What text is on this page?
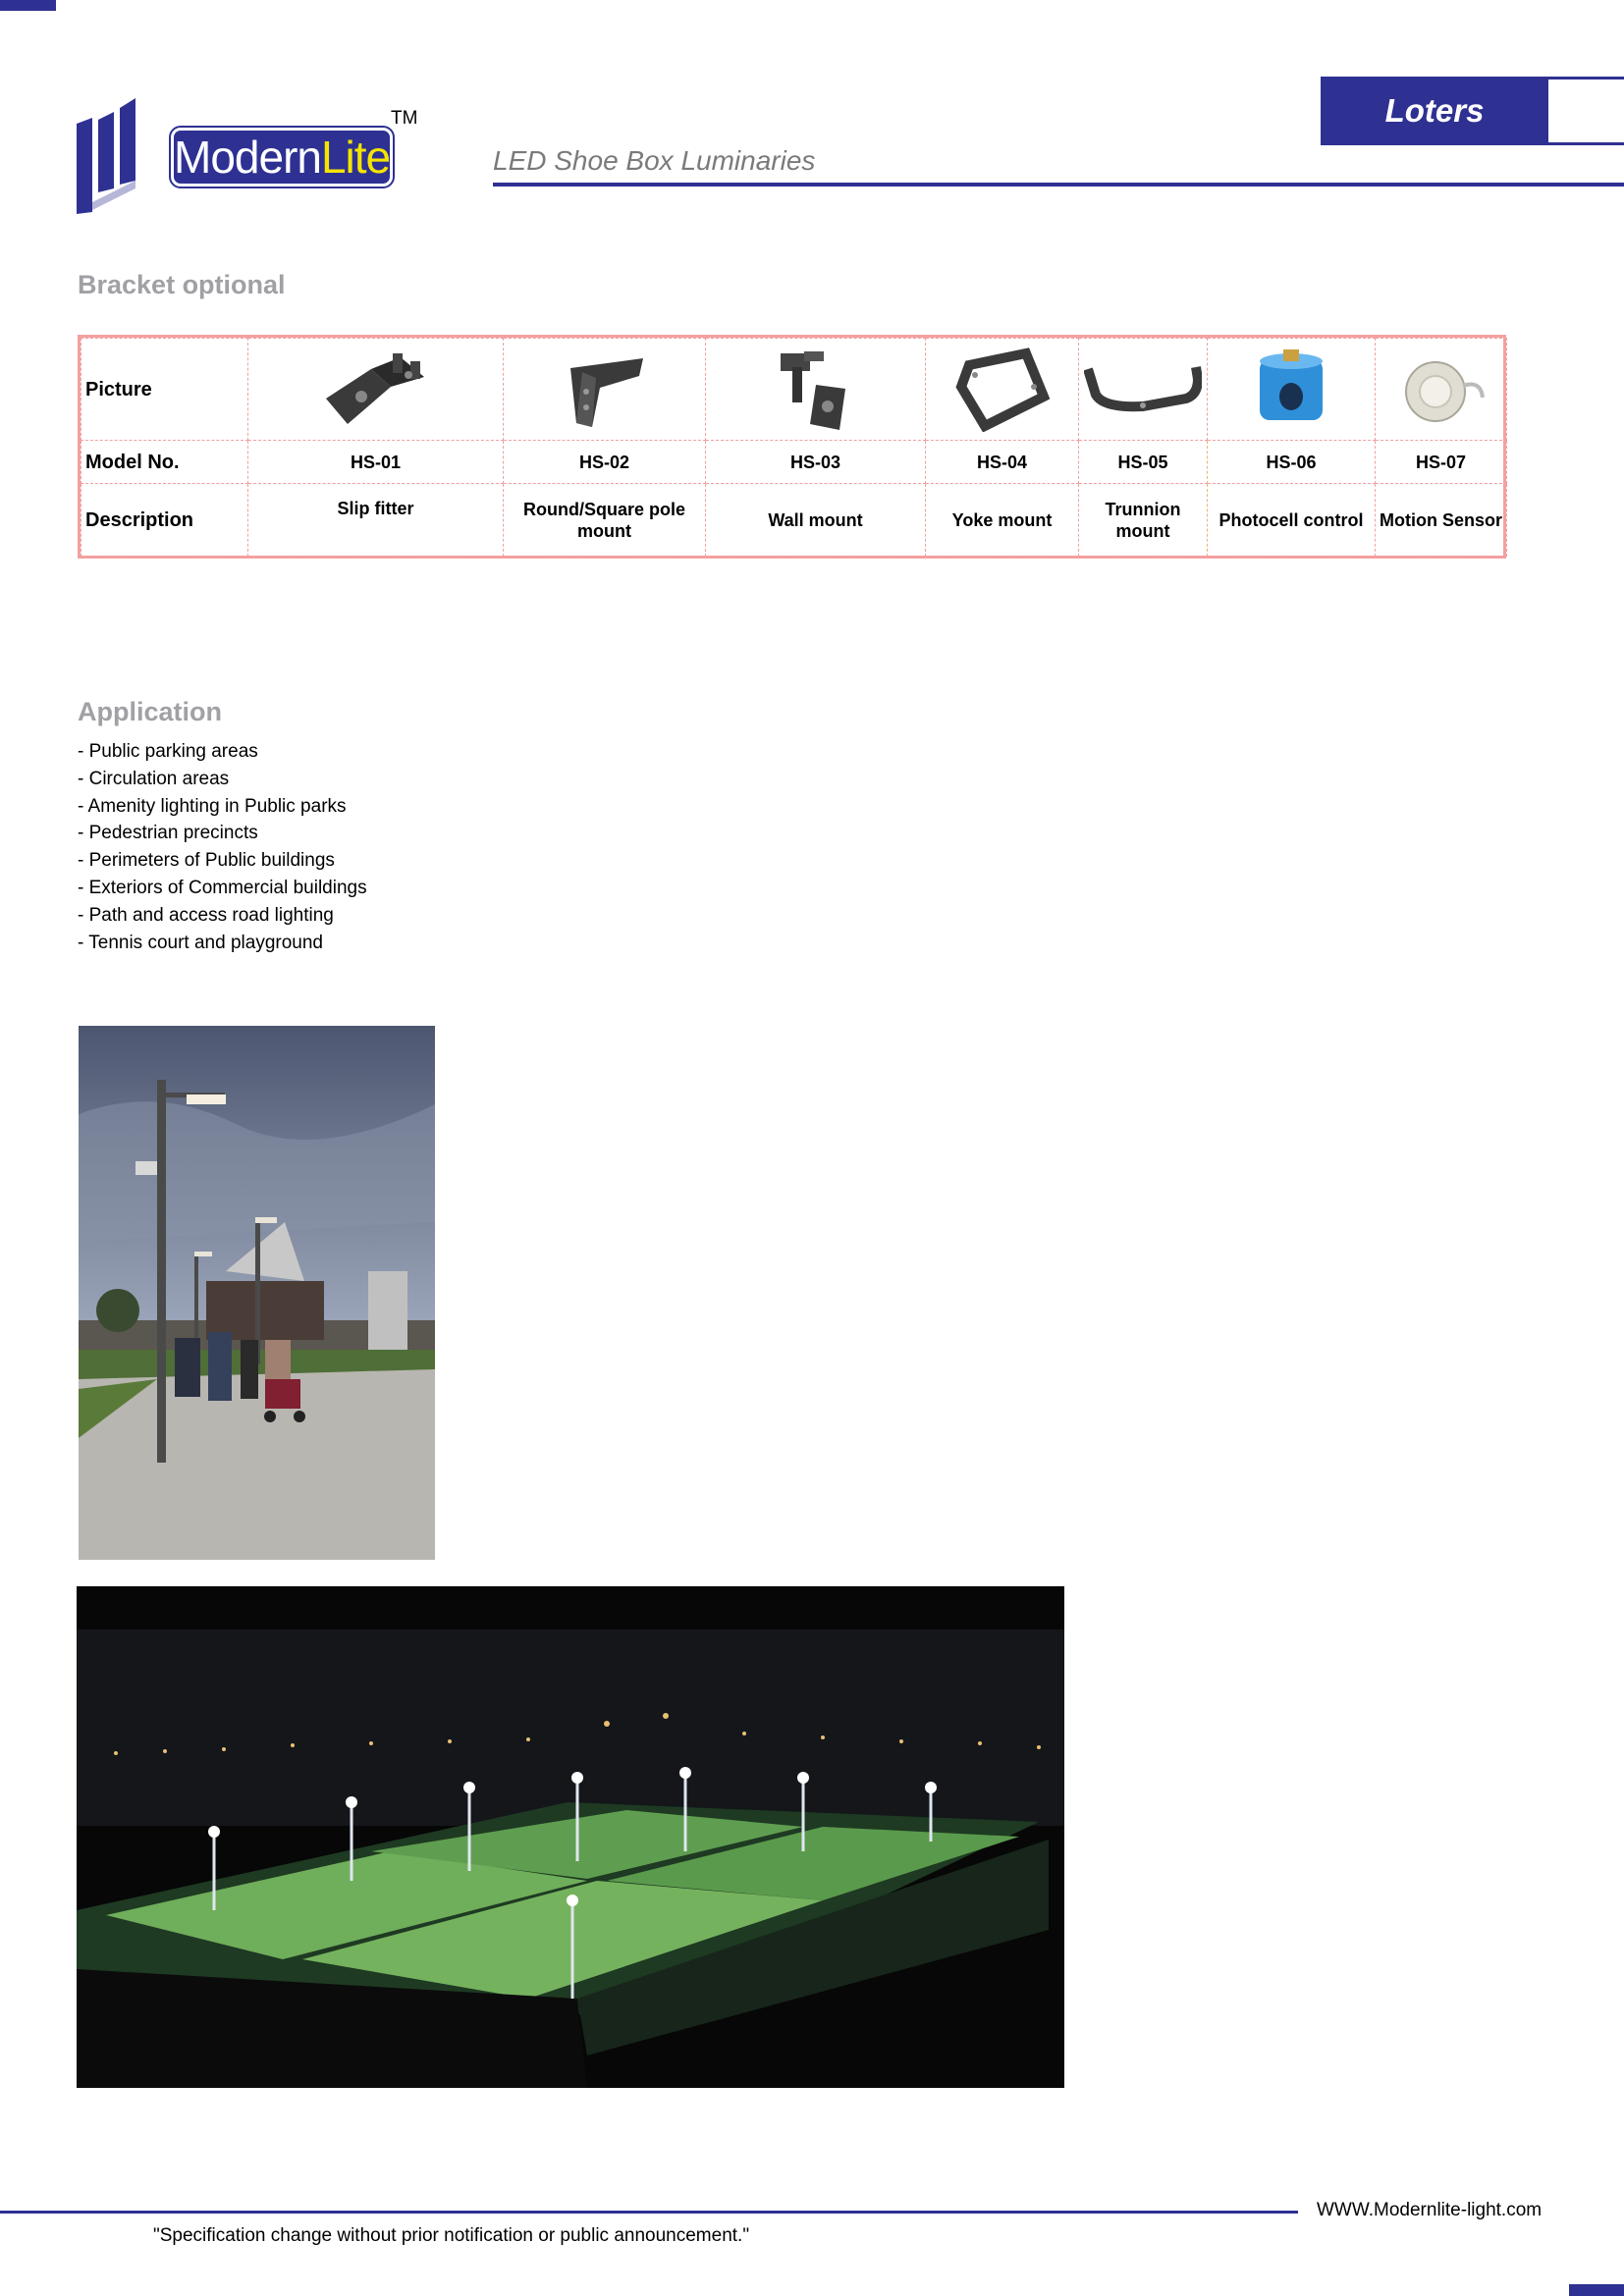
ModernLite
TM	Loters
LED Shoe Box Luminaries
Bracket optional
Picture	

Model No.	HS-01	HS-02	HS-03	HS-04	HS-05	HS-06	HS-07
Description	Slip fitter	Round/Square pole mount	Wall mount	Yoke mount	Trunnion mount	Photocell control	Motion Sensor
Application
- Public parking areas
- Circulation areas
- Amenity lighting in Public parks
- Pedestrian precincts
- Perimeters of Public buildings
- Exteriors of Commercial buildings
- Path and access road lighting
- Tennis court and playground
WWW.Modernlite-light.com
"Specification change without prior notification or public announcement."
